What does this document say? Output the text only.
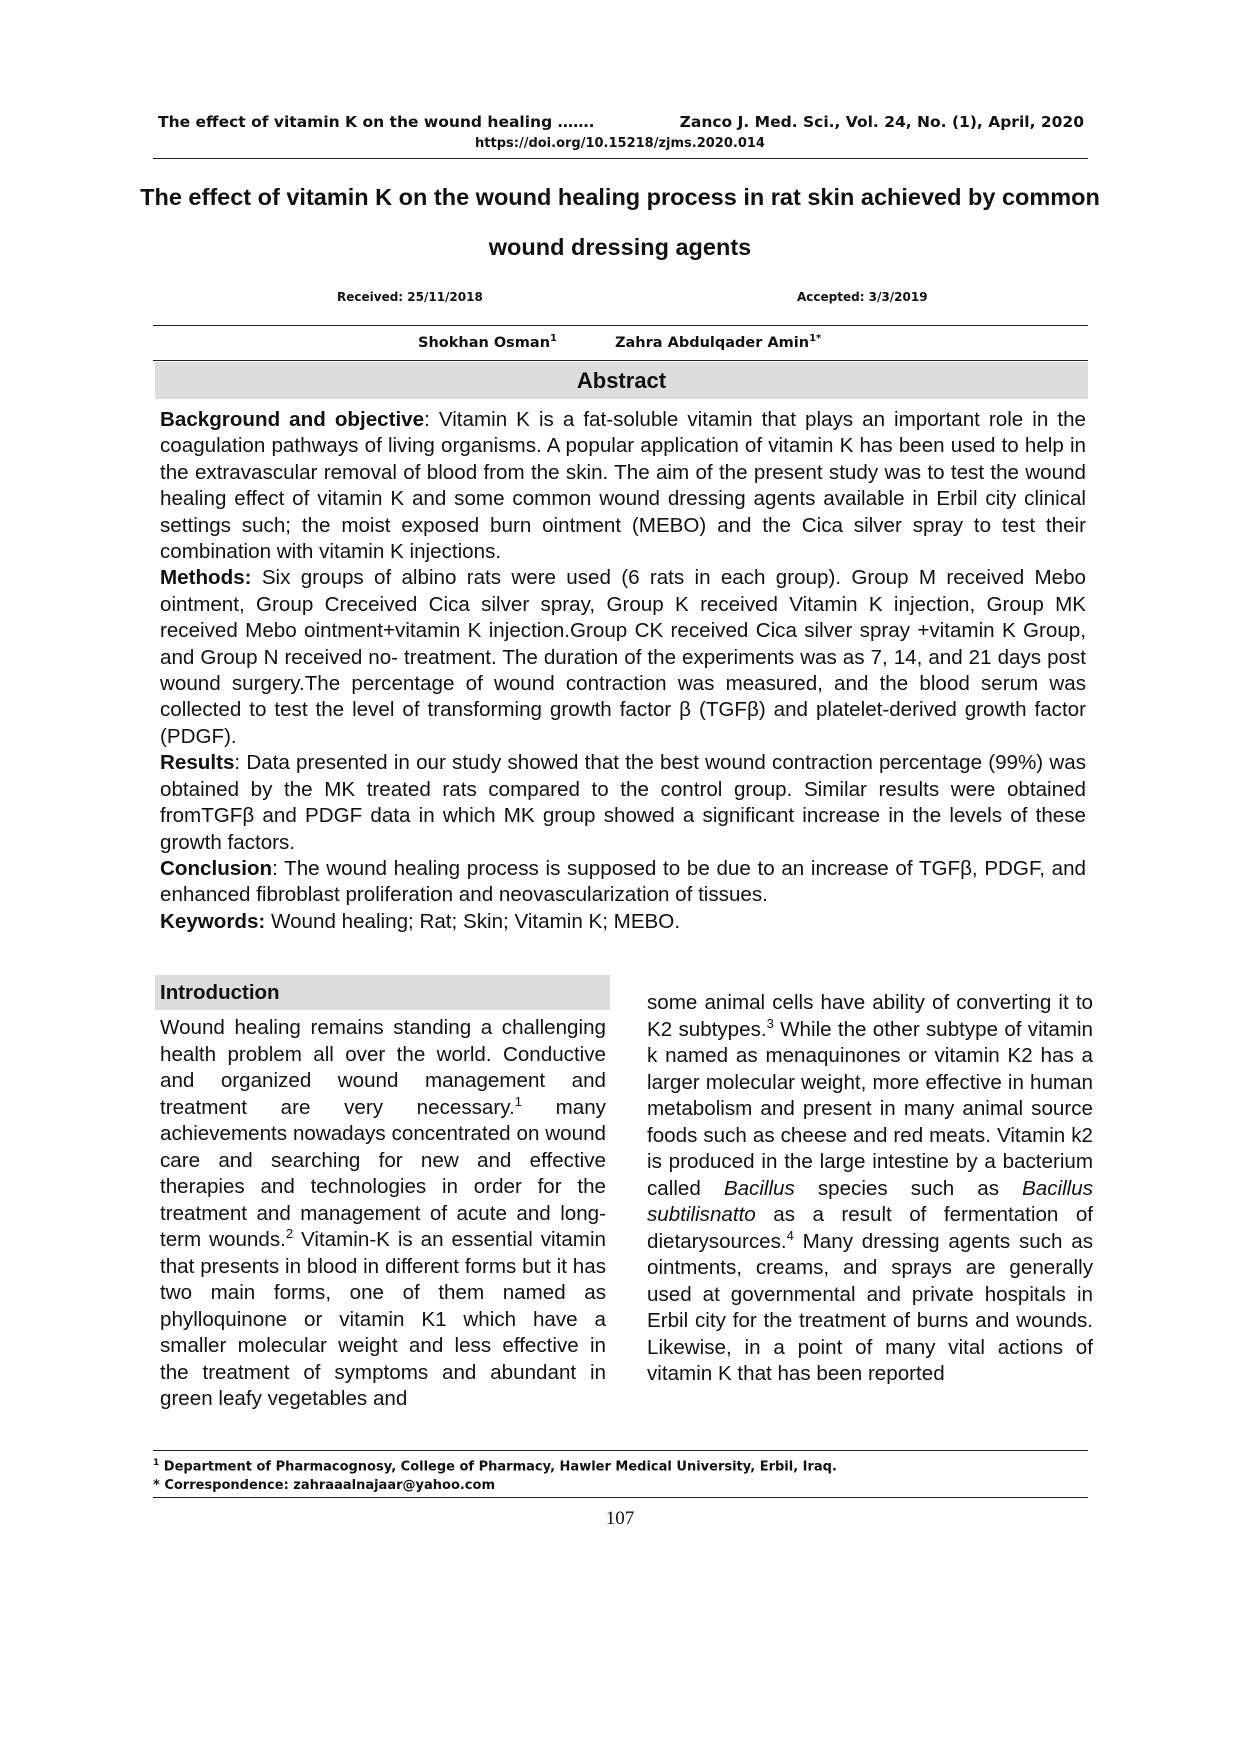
The effect of vitamin K on the wound healing …….	Zanco J. Med. Sci., Vol. 24, No. (1), April, 2020
https://doi.org/10.15218/zjms.2020.014
The effect of vitamin K on the wound healing process in rat skin achieved by common wound dressing agents
Received: 25/11/2018	Accepted: 3/3/2019
Shokhan Osman$^1$	Zahra Abdulqader Amin$^{1*}$
Abstract

Background and objective: Vitamin K is a fat-soluble vitamin that plays an important role in the coagulation pathways of living organisms. A popular application of vitamin K has been used to help in the extravascular removal of blood from the skin. The aim of the present study was to test the wound healing effect of vitamin K and some common wound dressing agents available in Erbil city clinical settings such; the moist exposed burn ointment (MEBO) and the Cica silver spray to test their combination with vitamin K injections.

Methods: Six groups of albino rats were used (6 rats in each group). Group M received Mebo ointment, Group Creceived Cica silver spray, Group K received Vitamin K injection, Group MK received Mebo ointment+vitamin K injection.Group CK received Cica silver spray +vitamin K Group, and Group N received no- treatment. The duration of the experiments was as 7, 14, and 21 days post wound surgery.The percentage of wound contraction was measured, and the blood serum was collected to test the level of transforming growth factor β (TGFβ) and platelet-derived growth factor (PDGF).

Results: Data presented in our study showed that the best wound contraction percentage (99%) was obtained by the MK treated rats compared to the control group. Similar results were obtained fromTGFβ and PDGF data in which MK group showed a significant increase in the levels of these growth factors.

Conclusion: The wound healing process is supposed to be due to an increase of TGFβ, PDGF, and enhanced fibroblast proliferation and neovascularization of tissues.

Keywords: Wound healing; Rat; Skin; Vitamin K; MEBO.

Introduction

Wound healing remains standing a challenging health problem all over the world. Conductive and organized wound management and treatment are very necessary.$^1$ many achievements nowadays concentrated on wound care and searching for new and effective therapies and technologies in order for the treatment and management of acute and long-term wounds.$^2$ Vitamin-K is an essential vitamin that presents in blood in different forms but it has two main forms, one of them named as phylloquinone or vitamin K1 which have a smaller molecular weight and less effective in the treatment of symptoms and abundant in green leafy vegetables and

some animal cells have ability of converting it to K2 subtypes.$^3$ While the other subtype of vitamin k named as menaquinones or vitamin K2 has a larger molecular weight, more effective in human metabolism and present in many animal source foods such as cheese and red meats. Vitamin k2 is produced in the large intestine by a bacterium called Bacillus species such as Bacillus subtilisnatto as a result of fermentation of dietarysources.$^4$ Many dressing agents such as ointments, creams, and sprays are generally used at governmental and private hospitals in Erbil city for the treatment of burns and wounds. Likewise, in a point of many vital actions of vitamin K that has been reported

$^1$ Department of Pharmacognosy, College of Pharmacy, Hawler Medical University, Erbil, Iraq.
* Correspondence: zahraaalnajaar@yahoo.com
107
